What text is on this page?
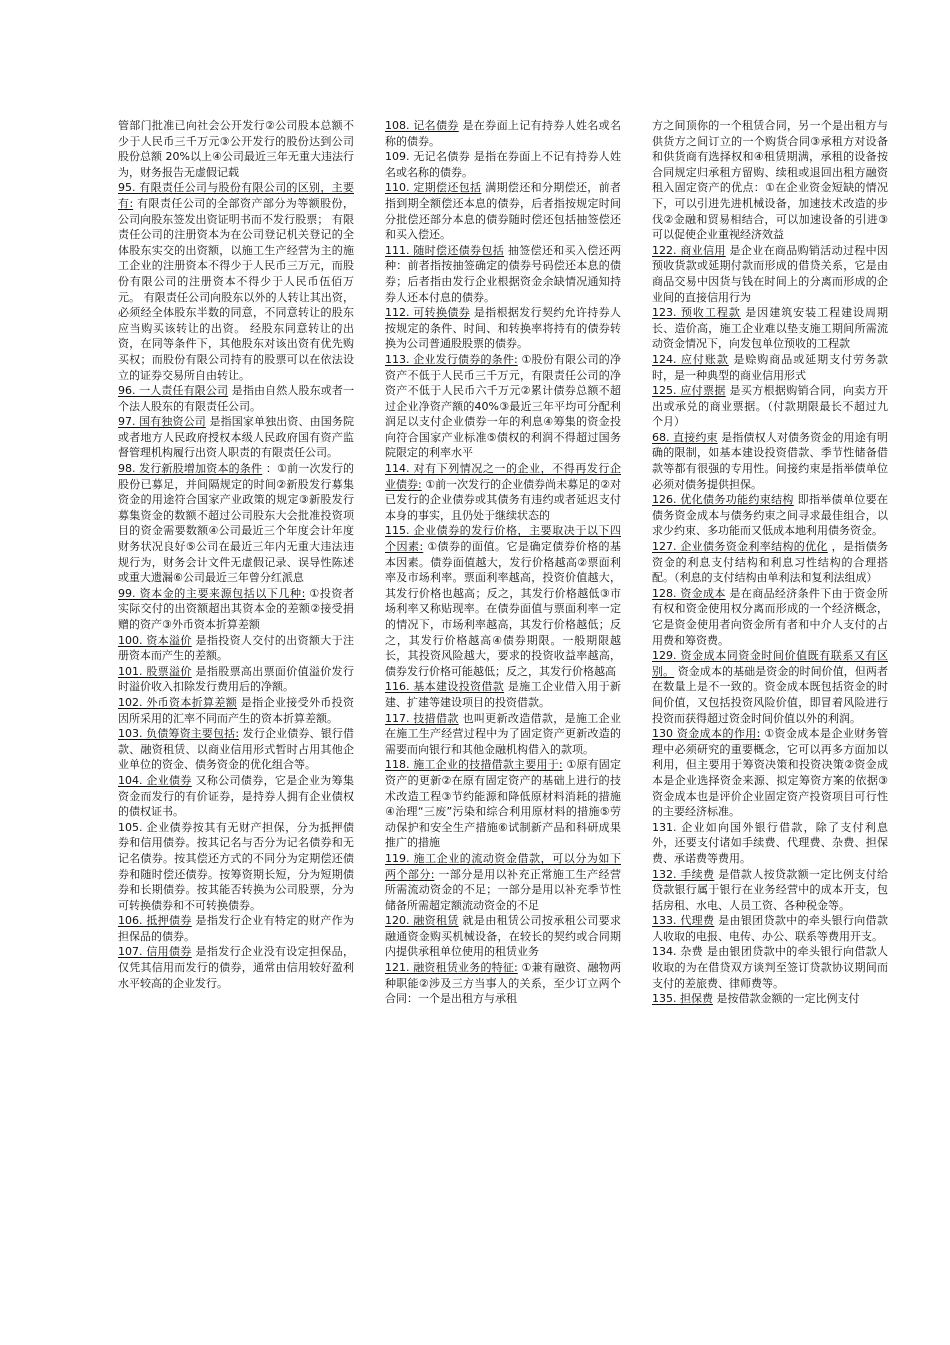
管部门批准已向社会公开发行②公司股本总额不少于人民币三千万元③公开发行的股份达到公司股份总额 20%以上④公司最近三年无重大违法行为，财务报告无虚假记载

95. 有限责任公司与股份有限公司的区别，主要有: 有限责任公司的全部资产部分为等额股份，公司向股东签发出资证明书而不发行股票； 有限责任公司的注册资本为在公司登记机关登记的全体股东实交的出资额，以施工生产经营为主的施工企业的注册资本不得少于人民币三万元，而股份有限公司的注册资本不得少于人民币伍佰万元。 有限责任公司向股东以外的人转让其出资，必须经全体股东半数的同意，不同意转让的股东应当购买该转让的出资。 经股东同意转让的出资，在同等条件下，其他股东对该出资有优先购买权；而股份有限公司持有的股票可以在依法设立的证券交易所自由转让。

96. 一人责任有限公司 是指由自然人股东或者一个法人股东的有限责任公司。

97. 国有独资公司 是指国家单独出资、由国务院或者地方人民政府授权本级人民政府国有资产监督管理机构履行出资人职责的有限责任公司。

98. 发行新股增加资本的条件 ：①前一次发行的股份已募足，并间隔规定的时间②新股发行募集资金的用途符合国家产业政策的规定③新股发行募集资金的数额不超过公司股东大会批准投资项目的资金需要数额④公司最近三个年度会计年度财务状况良好⑤公司在最近三年内无重大违法违规行为，财务会计文件无虚假记录、误导性陈述或重大遗漏⑥公司最近三年曾分红派息

99. 资本金的主要来源包括以下几种: ①投资者实际交付的出资额超出其资本金的差额②接受捐赠的资产③外币资本折算差额

100. 资本溢价 是指投资人交付的出资额大于注册资本而产生的差额。

101. 股票溢价 是指股票高出票面价值溢价发行时溢价收入扣除发行费用后的净额。

102. 外币资本折算差额 是指企业接受外币投资因所采用的汇率不同而产生的资本折算差额。

103. 负债筹资主要包括: 发行企业债券、银行借款、融资租赁、以商业信用形式暂时占用其他企业单位的资金、债务资金的优化组合等。

104. 企业债券 又称公司债券，它是企业为筹集资金而发行的有价证券，是持券人拥有企业债权的债权证书。

105. 企业债券按其有无财产担保，分为抵押债券和信用债券。按其记名与否分为记名债券和无记名债券。按其偿还方式的不同分为定期偿还债券和随时偿还债券。按筹资期长短，分为短期债券和长期债券。按其能否转换为公司股票，分为可转换债券和不可转换债券。

106. 抵押债券 是指发行企业有特定的财产作为担保品的债券。

107. 信用债券 是指发行企业没有设定担保品，仅凭其信用而发行的债券，通常由信用较好盈利水平较高的企业发行。

108. 记名债券 是在券面上记有持券人姓名或名称的债券。

109. 无记名债券 是指在券面上不记有持券人姓名或名称的债券。

110. 定期偿还包括 满期偿还和分期偿还，前者指到期全额偿还本息的债券，后者指按规定时间分批偿还部分本息的债券随时偿还包括抽签偿还和买入偿还。

111. 随时偿还债券包括 抽签偿还和买入偿还两种：前者指按抽签确定的债券号码偿还本息的债券；后者指由发行企业根据资金余缺情况通知持券人还本付息的债券。

112. 可转换债券 是指根据发行契约允许持券人按规定的条件、时间、和转换率将持有的债券转换为公司普通股股票的债券。

113. 企业发行债券的条件: ①股份有限公司的净资产不低于人民币三千万元，有限责任公司的净资产不低于人民币六千万元②累计债券总额不超过企业净资产额的40%③最近三年平均可分配利润足以支付企业债券一年的利息④筹集的资金投向符合国家产业标准⑤债权的利润不得超过国务院限定的利率水平

114. 对有下列情况之一的企业，不得再发行企业债券: ①前一次发行的企业债券尚未募足的②对已发行的企业债券或其债务有违约或者延迟支付本身的事实，且仍处于继续状态的

115. 企业债券的发行价格，主要取决于以下四个因素: ①债券的面值。它是确定债券价格的基本因素。债券面值越大，发行价格越高②票面利率及市场利率。票面利率越高，投资价值越大，其发行价格也越高；反之，其发行价格越低③市场利率又称贴现率。在债券面值与票面利率一定的情况下，市场利率越高，其发行价格越低；反之，其发行价格越高④债券期限。一般期限越长，其投资风险越大，要求的投资收益率越高，债券发行价格可能越低；反之，其发行价格越高

116. 基本建设投资借款 是施工企业借入用于新建、扩建等建设项目的投资借款。

117. 技措借款 也叫更新改造借款，是施工企业在施工生产经营过程中为了固定资产更新改造的需要而向银行和其他金融机构借入的款项。

118. 施工企业的技措借款主要用于: ①原有固定资产的更新②在原有固定资产的基础上进行的技术改造工程③节约能源和降低原材料消耗的措施④治理“三废”污染和综合利用原材料的措施⑤劳动保护和安全生产措施⑥试制新产品和科研成果推广的措施

119. 施工企业的流动资金借款，可以分为如下两个部分: 一部分是用以补充正常施工生产经营所需流动资金的不足；一部分是用以补充季节性储备所需超定额流动资金的不足

120. 融资租赁 就是由租赁公司按承租公司要求融通资金购买机械设备，在较长的契约或合同期内提供承租单位使用的租赁业务

121. 融资租赁业务的特征: ①兼有融资、融物两种职能②涉及三方当事人的关系，至少订立两个合同：一个是出租方与承租

方之间顶你的一个租赁合同，另一个是出租方与供货方之间订立的一个购货合同③承租方对设备和供货商有选择权和④租赁期满，承租的设备按合同规定归承租方留购、续租或退回出租方融资租入固定资产的优点：①在企业资金短缺的情况下，可以引进先进机械设备，加速技术改造的步伐②金融和贸易相结合，可以加速设备的引进③可以促使企业重视经济效益

122. 商业信用 是企业在商品购销活动过程中因预收货款或延期付款而形成的借贷关系，它是由商品交易中因货与钱在时间上的分离而形成的企业间的直接信用行为

123. 预收工程款 是因建筑安装工程建设周期长、造价高，施工企业难以垫支施工期间所需流动资金情况下，向发包单位预收的工程款

124. 应付账款 是赊购商品或延期支付劳务款时，是一种典型的商业信用形式

125. 应付票据 是买方根据购销合同，向卖方开出或承兑的商业票据。（付款期限最长不超过九个月）

68. 直接约束 是指债权人对债务资金的用途有明确的限制，如基本建设投资借款、季节性储备借款等都有很强的专用性。间接约束是指举债单位必须对债务提供担保。

126. 优化债务功能约束结构 即指举债单位要在债务资金成本与债务约束之间寻求最佳组合，以求少约束、多功能而又低成本地利用债务资金。

127. 企业债务资金利率结构的优化 ，是指债务资金的利息支付结构和利息习性结构的合理搭配。（利息的支付结构由单利法和复利法组成）

128. 资金成本 是在商品经济条件下由于资金所有权和资金使用权分离而形成的一个经济概念，它是资金使用者向资金所有者和中介人支付的占用费和筹资费。

129. 资金成本同资金时间价值既有联系又有区别。 资金成本的基础是资金的时间价值，但两者在数量上是不一致的。资金成本既包括资金的时间价值，又包括投资风险价值，即冒着风险进行投资而获得超过资金时间价值以外的利润。

130 资金成本的作用: ①资金成本是企业财务管理中必须研究的重要概念，它可以再多方面加以利用，但主要用于筹资决策和投资决策②资金成本是企业选择资金来源、拟定筹资方案的依据③资金成本也是评价企业固定资产投资项目可行性的主要经济标准。

131. 企业如向国外银行借款，除了支付利息外，还要支付诸如手续费、代理费、杂费、担保费、承诺费等费用。

132. 手续费 是借款人按贷款额一定比例支付给贷款银行属于银行在业务经营中的成本开支，包括房租、水电、人员工资、各种税金等。

133. 代理费 是由银团贷款中的牵头银行向借款人收取的电报、电传、办公、联系等费用开支。

134. 杂费 是由银团贷款中的牵头银行向借款人收取的为在借贷双方谈判至签订贷款协议期间而支付的差旅费、律师费等。

135. 担保费 是按借款金额的一定比例支付
